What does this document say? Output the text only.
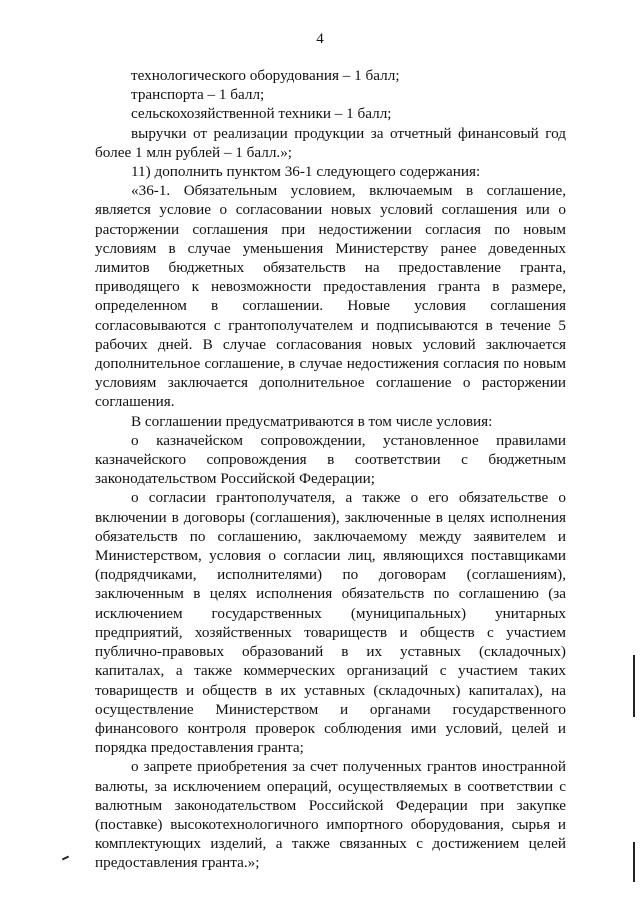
4

технологического оборудования – 1 балл;

транспорта – 1 балл;

сельскохозяйственной техники – 1 балл;

выручки от реализации продукции за отчетный финансовый год более 1 млн рублей – 1 балл.»;

11) дополнить пунктом 36-1 следующего содержания:

«36-1. Обязательным условием, включаемым в соглашение, является условие о согласовании новых условий соглашения или о расторжении соглашения при недостижении согласия по новым условиям в случае уменьшения Министерству ранее доведенных лимитов бюджетных обязательств на предоставление гранта, приводящего к невозможности предоставления гранта в размере, определенном в соглашении. Новые условия соглашения согласовываются с грантополучателем и подписываются в течение 5 рабочих дней. В случае согласования новых условий заключается дополнительное соглашение, в случае недостижения согласия по новым условиям заключается дополнительное соглашение о расторжении соглашения.

В соглашении предусматриваются в том числе условия:

о казначейском сопровождении, установленное правилами казначейского сопровождения в соответствии с бюджетным законодательством Российской Федерации;

о согласии грантополучателя, а также о его обязательстве о включении в договоры (соглашения), заключенные в целях исполнения обязательств по соглашению, заключаемому между заявителем и Министерством, условия о согласии лиц, являющихся поставщиками (подрядчиками, исполнителями) по договорам (соглашениям), заключенным в целях исполнения обязательств по соглашению (за исключением государственных (муниципальных) унитарных предприятий, хозяйственных товариществ и обществ с участием публично-правовых образований в их уставных (складочных) капиталах, а также коммерческих организаций с участием таких товариществ и обществ в их уставных (складочных) капиталах), на осуществление Министерством и органами государственного финансового контроля проверок соблюдения ими условий, целей и порядка предоставления гранта;

о запрете приобретения за счет полученных грантов иностранной валюты, за исключением операций, осуществляемых в соответствии с валютным законодательством Российской Федерации при закупке (поставке) высокотехнологичного импортного оборудования, сырья и комплектующих изделий, а также связанных с достижением целей предоставления гранта.»;
